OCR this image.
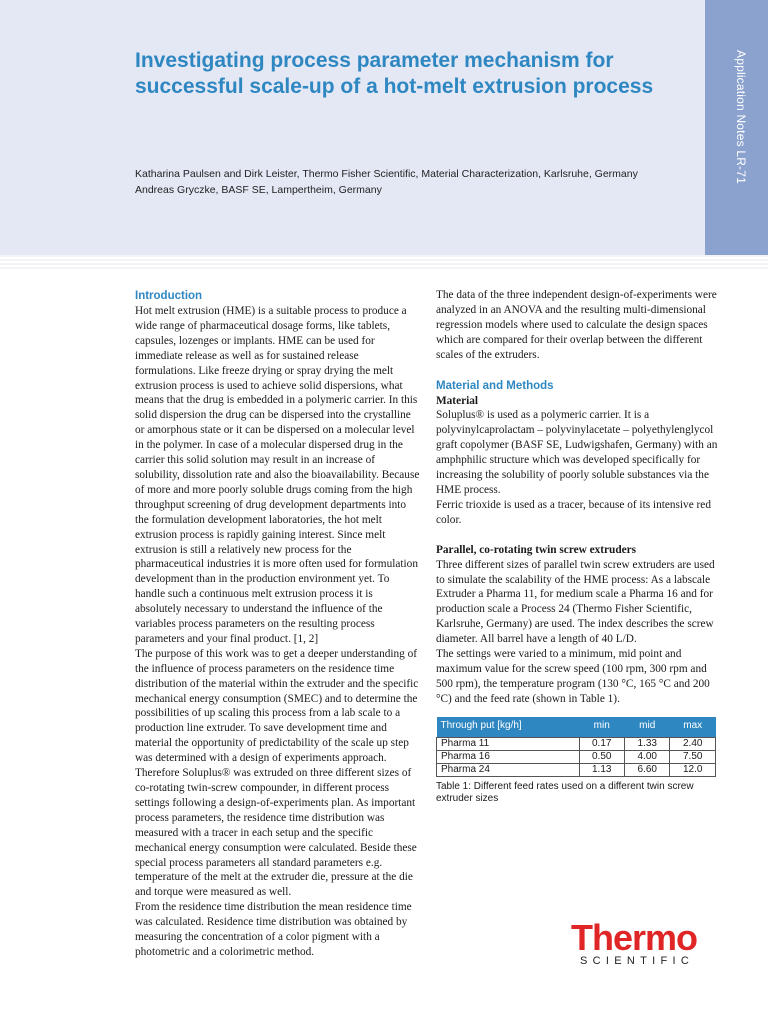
Application Notes LR-71
Investigating process parameter mechanism for successful scale-up of a hot-melt extrusion process
Katharina Paulsen and Dirk Leister, Thermo Fisher Scientific, Material Characterization, Karlsruhe, Germany
Andreas Gryczke, BASF SE, Lampertheim, Germany
Introduction

Hot melt extrusion (HME) is a suitable process to produce a wide range of pharmaceutical dosage forms, like tablets, capsules, lozenges or implants. HME can be used for immediate release as well as for sustained release formulations. Like freeze drying or spray drying the melt extrusion process is used to achieve solid dispersions, what means that the drug is embedded in a polymeric carrier. In this solid dispersion the drug can be dispersed into the crystalline or amorphous state or it can be dispersed on a molecular level in the polymer. In case of a molecular dispersed drug in the carrier this solid solution may result in an increase of solubility, dissolution rate and also the bioavailability. Because of more and more poorly soluble drugs coming from the high throughput screening of drug development departments into the formulation development laboratories, the hot melt extrusion process is rapidly gaining interest. Since melt extrusion is still a relatively new process for the pharmaceutical industries it is more often used for formulation development than in the production environment yet. To handle such a continuous melt extrusion process it is absolutely necessary to understand the influence of the variables process parameters on the resulting process parameters and your final product. [1, 2]

The purpose of this work was to get a deeper understanding of the influence of process parameters on the residence time distribution of the material within the extruder and the specific mechanical energy consumption (SMEC) and to determine the possibilities of up scaling this process from a lab scale to a production line extruder. To save development time and material the opportunity of predictability of the scale up step was determined with a design of experiments approach. Therefore Soluplus® was extruded on three different sizes of co-rotating twin-screw compounder, in different process settings following a design-of-experiments plan. As important process parameters, the residence time distribution was measured with a tracer in each setup and the specific mechanical energy consumption were calculated. Beside these special process parameters all standard parameters e.g. temperature of the melt at the extruder die, pressure at the die and torque were measured as well.

From the residence time distribution the mean residence time was calculated. Residence time distribution was obtained by measuring the concentration of a color pigment with a photometric and a colorimetric method.

The data of the three independent design-of-experiments were analyzed in an ANOVA and the resulting multi-dimensional regression models where used to calculate the design spaces which are compared for their overlap between the different scales of the extruders.

Material and Methods

Material

Soluplus® is used as a polymeric carrier. It is a polyvinylcaprolactam – polyvinylacetate – polyethylenglycol graft copolymer (BASF SE, Ludwigshafen, Germany) with an amphphilic structure which was developed specifically for increasing the solubility of poorly soluble substances via the HME process.

Ferric trioxide is used as a tracer, because of its intensive red color.

Parallel, co-rotating twin screw extruders

Three different sizes of parallel twin screw extruders are used to simulate the scalability of the HME process: As a labscale Extruder a Pharma 11, for medium scale a Pharma 16 and for production scale a Process 24 (Thermo Fisher Scientific, Karlsruhe, Germany) are used. The index describes the screw diameter. All barrel have a length of 40 L/D.

The settings were varied to a minimum, mid point and maximum value for the screw speed (100 rpm, 300 rpm and 500 rpm), the temperature program (130 °C, 165 °C and 200 °C) and the feed rate (shown in Table 1).

Through put [kg/h]	min	mid	max
Pharma 11	0.17	1.33	2.40
Pharma 16	0.50	4.00	7.50
Pharma 24	1.13	6.60	12.0
Table 1: Different feed rates used on a different twin screw extruder sizes
Thermo
SCIENTIFIC
